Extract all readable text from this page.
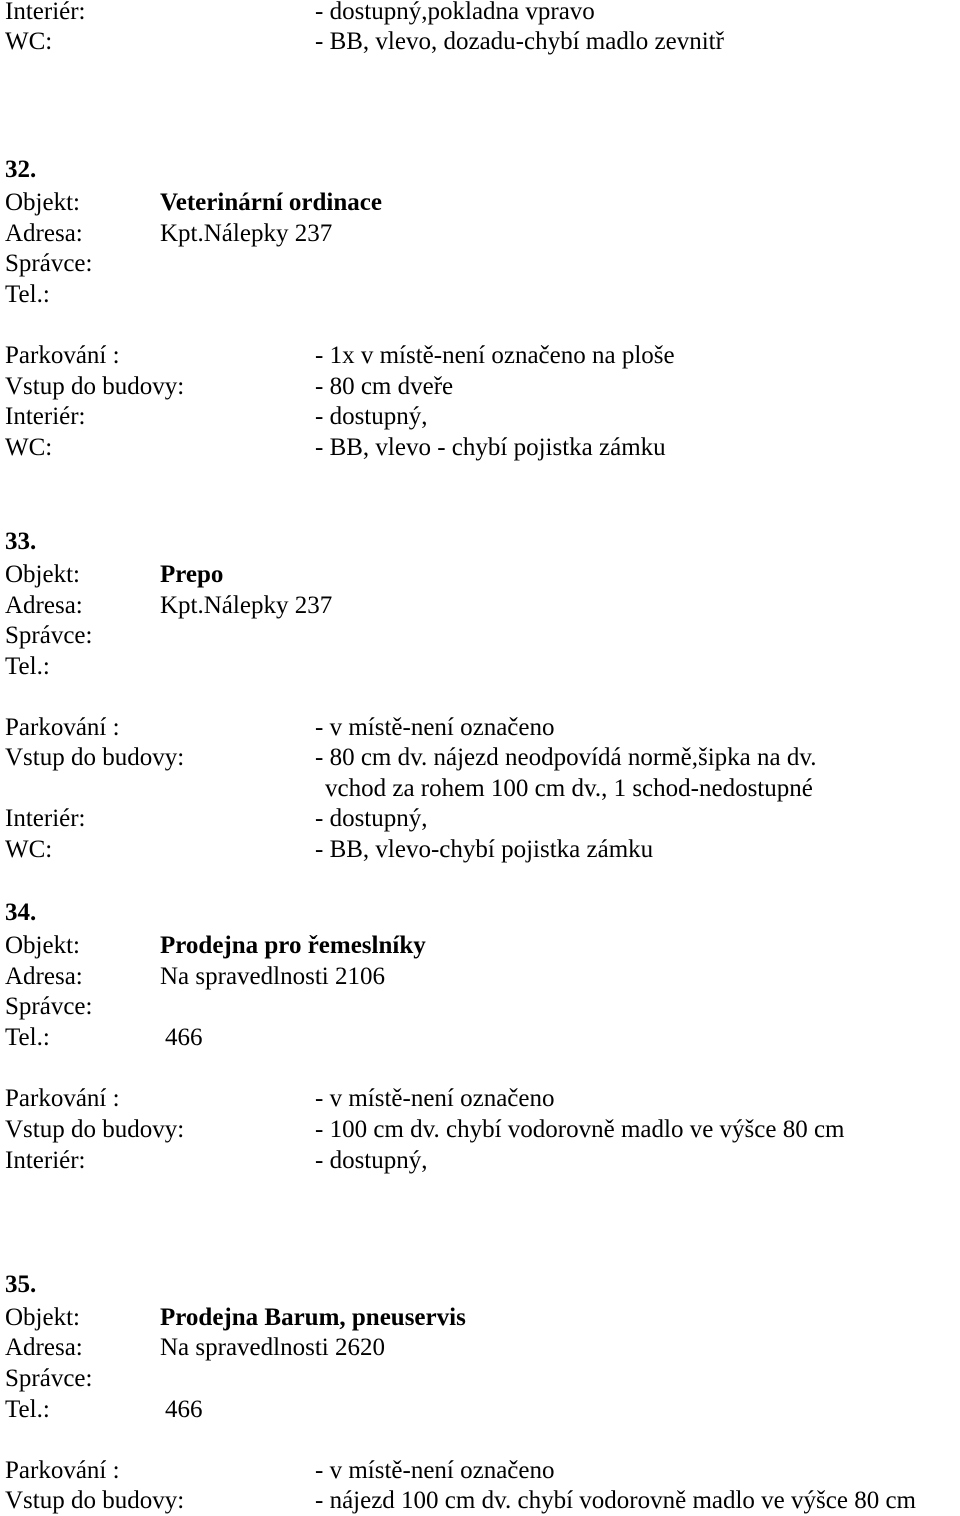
Interiér:	- dostupný,pokladna vpravo
WC:	- BB, vlevo, dozadu-chybí madlo zevnitř
32.
Objekt:	Veterinární ordinace
Adresa:	Kpt.Nálepky 237
Správce:
Tel.:
Parkování :	- 1x v místě-není označeno na ploše
Vstup do budovy:	- 80 cm dveře
Interiér:	- dostupný,
WC:	- BB, vlevo - chybí pojistka zámku
33.
Objekt:	Prepo
Adresa:	Kpt.Nálepky 237
Správce:
Tel.:
Parkování :	- v místě-není označeno
Vstup do budovy:	- 80 cm dv. nájezd neodpovídá normě,šipka na dv.
vchod za rohem 100 cm dv., 1 schod-nedostupné
Interiér:	- dostupný,
WC:	- BB, vlevo-chybí pojistka zámku
34.
Objekt:	Prodejna pro řemeslníky
Adresa:	Na spravedlnosti 2106
Správce:
Tel.:	466
Parkování :	- v místě-není označeno
Vstup do budovy:	- 100 cm dv. chybí vodorovně madlo ve výšce 80 cm
Interiér:	- dostupný,
35.
Objekt:	Prodejna Barum, pneuservis
Adresa:	Na spravedlnosti 2620
Správce:
Tel.:	466
Parkování :	- v místě-není označeno
Vstup do budovy:	- nájezd 100 cm dv. chybí vodorovně madlo ve výšce 80 cm
